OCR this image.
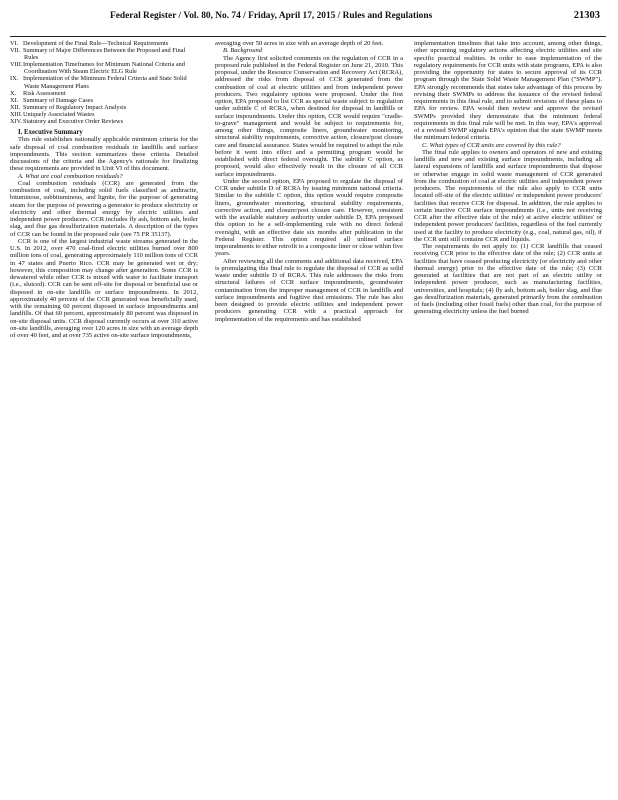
Federal Register / Vol. 80, No. 74 / Friday, April 17, 2015 / Rules and Regulations	21303
VI. Development of the Final Rule—Technical Requirements
VII. Summary of Major Differences Between the Proposed and Final Rules
VIII.Implementation Timeframes for Minimum National Criteria and Coordination With Steam Electric ELG Rule
IX. Implementation of the Minimum Federal Criteria and State Solid Waste Management Plans
X. Risk Assessment
XI. Summary of Damage Cases
XII. Summary of Regulatory Impact Analysis
XIII.Uniquely Associated Wastes
XIV.Statutory and Executive Order Reviews

I. Executive Summary

This rule establishes nationally applicable minimum criteria for the safe disposal of coal combustion residuals in landfills and surface impoundments. This section summarizes these criteria. Detailed discussions of the criteria and the Agency's rationale for finalizing these requirements are provided in Unit VI of this document.

A. What are coal combustion residuals?

Coal combustion residuals (CCR) are generated from the combustion of coal, including solid fuels classified as anthracite, bituminous, subbituminous, and lignite, for the purpose of generating steam for the purpose of powering a generator to produce electricity or electricity and other thermal energy by electric utilities and independent power producers. CCR includes fly ash, bottom ash, boiler slag, and flue gas desulfurization materials. A description of the types of CCR can be found in the proposed rule (see 75 FR 35137).

CCR is one of the largest industrial waste streams generated in the U.S. In 2012, over 470 coal-fired electric utilities burned over 800 million tons of coal, generating approximately 110 million tons of CCR in 47 states and Puerto Rico. CCR may be generated wet or dry; however, this composition may change after generation. Some CCR is dewatered while other CCR is mixed with water to facilitate transport (i.e., sluiced). CCR can be sent off-site for disposal or beneficial use or disposed in on-site landfills or surface impoundments. In 2012, approximately 40 percent of the CCR generated was beneficially used, with the remaining 60 percent disposed in surface impoundments and landfills. Of that 60 percent, approximately 80 percent was disposed in on-site disposal units. CCR disposal currently occurs at over 310 active on-site landfills, averaging over 120 acres in size with an average depth of over 40 feet, and at over 735 active on-site surface impoundments,

averaging over 50 acres in size with an average depth of 20 feet.

B. Background

The Agency first solicited comments on the regulation of CCR in a proposed rule published in the Federal Register on June 21, 2010. This proposal, under the Resource Conservation and Recovery Act (RCRA), addressed the risks from disposal of CCR generated from the combustion of coal at electric utilities and from independent power producers. Two regulatory options were proposed. Under the first option, EPA proposed to list CCR as special waste subject to regulation under subtitle C of RCRA, when destined for disposal in landfills or surface impoundments. Under this option, CCR would require "cradle-to-grave" management and would be subject to requirements for, among other things, composite liners, groundwater monitoring, structural stability requirements, corrective action, closure/post closure care and financial assurance. States would be required to adopt the rule before it went into effect and a permitting program would be established with direct federal oversight. The subtitle C option, as proposed, would also effectively result in the closure of all CCR surface impoundments.

Under the second option, EPA proposed to regulate the disposal of CCR under subtitle D of RCRA by issuing minimum national criteria. Similar to the subtitle C option, this option would require composite liners, groundwater monitoring, structural stability requirements, corrective action, and closure/post closure care. However, consistent with the available statutory authority under subtitle D, EPA proposed this option to be a self-implementing rule with no direct federal oversight, with an effective date six months after publication in the Federal Register. This option required all unlined surface impoundments to either retrofit to a composite liner or close within five years.

After reviewing all the comments and additional data received, EPA is promulgating this final rule to regulate the disposal of CCR as solid waste under subtitle D of RCRA. This rule addresses the risks from structural failures of CCR surface impoundments, groundwater contamination from the improper management of CCR in landfills and surface impoundments and fugitive dust emissions. The rule has also been designed to provide electric utilities and independent power producers generating CCR with a practical approach for implementation of the requirements and has established

implementation timelines that take into account, among other things, other upcoming regulatory actions affecting electric utilities and site specific practical realities. In order to ease implementation of the regulatory requirements for CCR units with state programs, EPA is also providing the opportunity for states to secure approval of its CCR program through the State Solid Waste Management Plan ("SWMP"). EPA strongly recommends that states take advantage of this process by revising their SWMPs to address the issuance of the revised federal requirements in this final rule, and to submit revisions of these plans to EPA for review. EPA would then review and approve the revised SWMPs provided they demonstrate that the minimum federal requirements in this final rule will be met. In this way, EPA's approval of a revised SWMP signals EPA's opinion that the state SWMP meets the minimum federal criteria.

C. What types of CCR units are covered by this rule?

The final rule applies to owners and operators of new and existing landfills and new and existing surface impoundments, including all lateral expansions of landfills and surface impoundments that dispose or otherwise engage in solid waste management of CCR generated from the combustion of coal at electric utilities and independent power producers. The requirements of the rule also apply to CCR units located off-site of the electric utilities' or independent power producers' facilities that receive CCR for disposal. In addition, the rule applies to certain inactive CCR surface impoundments (i.e., units not receiving CCR after the effective date of the rule) at active electric utilities' or independent power producers' facilities, regardless of the fuel currently used at the facility to produce electricity (e.g., coal, natural gas, oil), if the CCR unit still contains CCR and liquids.

The requirements do not apply to: (1) CCR landfills that ceased receiving CCR prior to the effective date of the rule; (2) CCR units at facilities that have ceased producing electricity (or electricity and other thermal energy) prior to the effective date of the rule; (3) CCR generated at facilities that are not part of an electric utility or independent power producer, such as manufacturing facilities, universities, and hospitals; (4) fly ash, bottom ash, boiler slag, and flue gas desulfurization materials, generated primarily from the combustion of fuels (including other fossil fuels) other than coal, for the purpose of generating electricity unless the fuel burned
